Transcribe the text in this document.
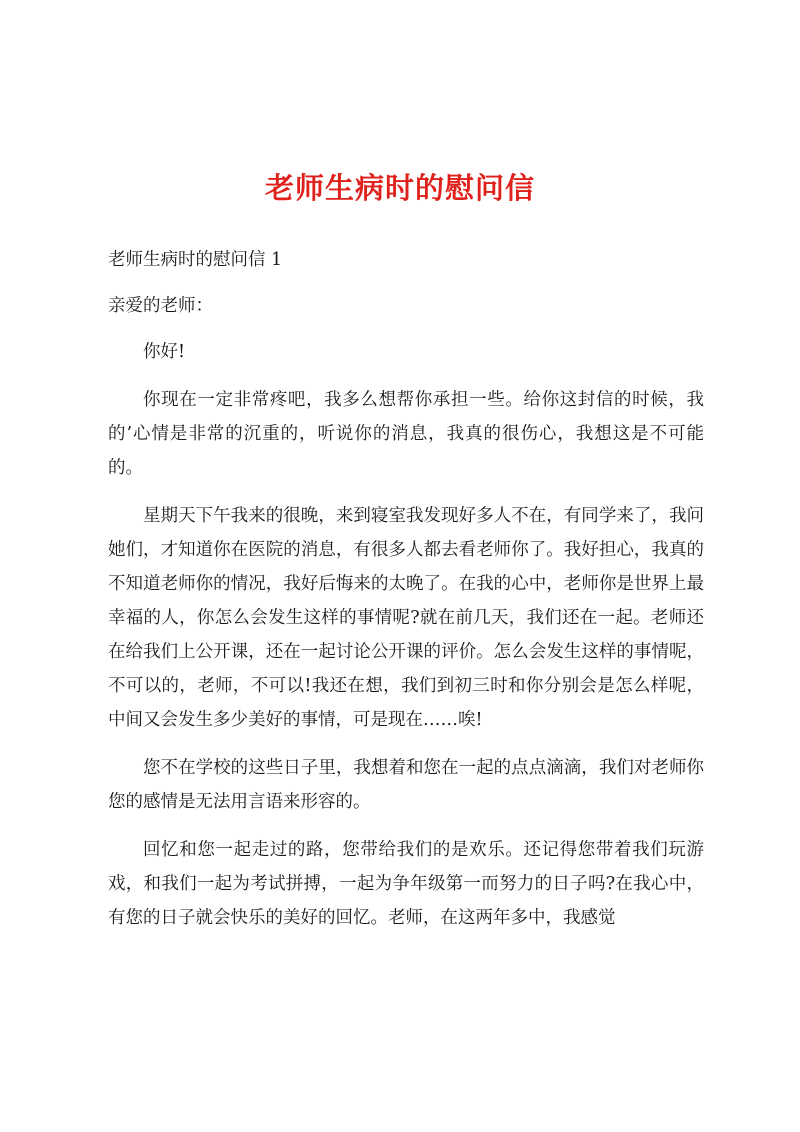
老师生病时的慰问信

老师生病时的慰问信 1

亲爱的老师：

你好!

你现在一定非常疼吧，我多么想帮你承担一些。给你这封信的时候，我的’心情是非常的沉重的，听说你的消息，我真的很伤心，我想这是不可能的。

星期天下午我来的很晚，来到寝室我发现好多人不在，有同学来了，我问她们，才知道你在医院的消息，有很多人都去看老师你了。我好担心，我真的不知道老师你的情况，我好后悔来的太晚了。在我的心中，老师你是世界上最幸福的人，你怎么会发生这样的事情呢?就在前几天，我们还在一起。老师还在给我们上公开课，还在一起讨论公开课的评价。怎么会发生这样的事情呢，不可以的，老师，不可以!我还在想，我们到初三时和你分别会是怎么样呢，中间又会发生多少美好的事情，可是现在……唉!

您不在学校的这些日子里，我想着和您在一起的点点滴滴，我们对老师你您的感情是无法用言语来形容的。

回忆和您一起走过的路，您带给我们的是欢乐。还记得您带着我们玩游戏，和我们一起为考试拼搏，一起为争年级第一而努力的日子吗?在我心中，有您的日子就会快乐的美好的回忆。老师，在这两年多中，我感觉
